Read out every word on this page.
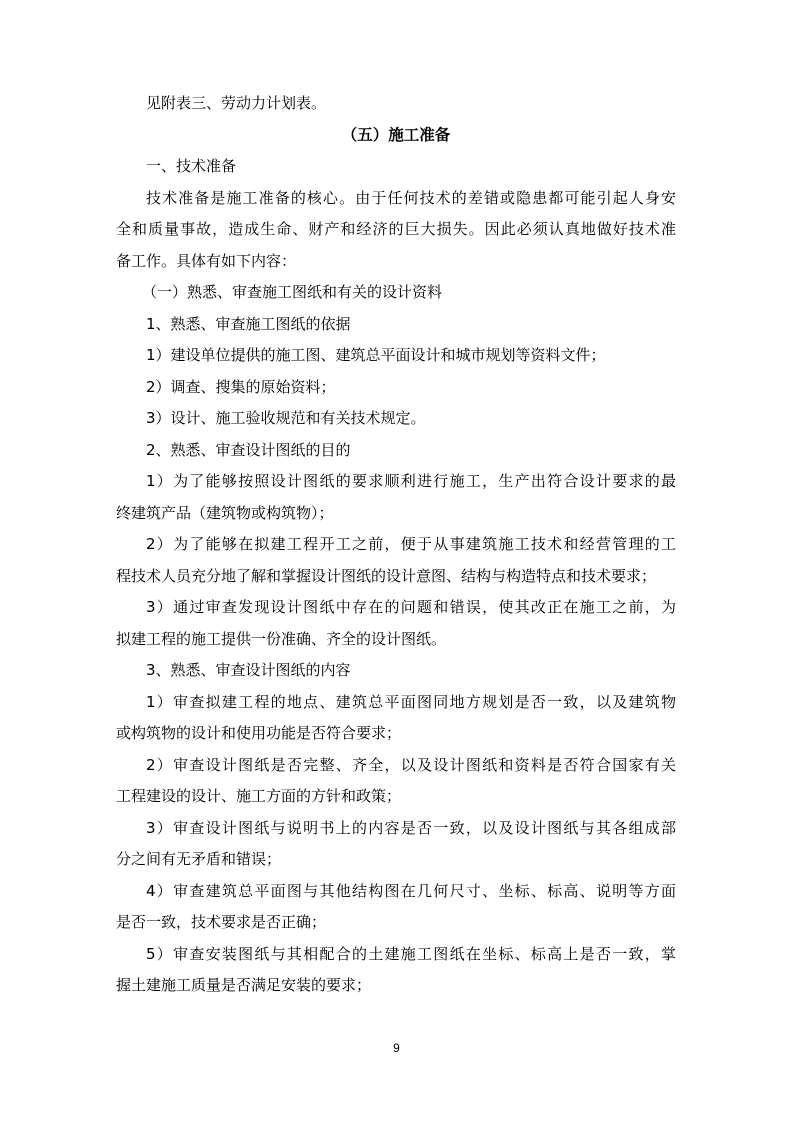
见附表三、劳动力计划表。
（五）施工准备
一、技术准备
技术准备是施工准备的核心。由于任何技术的差错或隐患都可能引起人身安
全和质量事故，造成生命、财产和经济的巨大损失。因此必须认真地做好技术准
备工作。具体有如下内容：
（一）熟悉、审查施工图纸和有关的设计资料
1、熟悉、审查施工图纸的依据
1）建设单位提供的施工图、建筑总平面设计和城市规划等资料文件；
2）调查、搜集的原始资料；
3）设计、施工验收规范和有关技术规定。
2、熟悉、审查设计图纸的目的
1）为了能够按照设计图纸的要求顺利进行施工，生产出符合设计要求的最
终建筑产品（建筑物或构筑物）；
2）为了能够在拟建工程开工之前，便于从事建筑施工技术和经营管理的工
程技术人员充分地了解和掌握设计图纸的设计意图、结构与构造特点和技术要求；
3）通过审查发现设计图纸中存在的问题和错误，使其改正在施工之前，为
拟建工程的施工提供一份准确、齐全的设计图纸。
3、熟悉、审查设计图纸的内容
1）审查拟建工程的地点、建筑总平面图同地方规划是否一致，以及建筑物
或构筑物的设计和使用功能是否符合要求；
2）审查设计图纸是否完整、齐全，以及设计图纸和资料是否符合国家有关
工程建设的设计、施工方面的方针和政策；
3）审查设计图纸与说明书上的内容是否一致，以及设计图纸与其各组成部
分之间有无矛盾和错误；
4）审查建筑总平面图与其他结构图在几何尺寸、坐标、标高、说明等方面
是否一致，技术要求是否正确；
5）审查安装图纸与其相配合的土建施工图纸在坐标、标高上是否一致，掌
握土建施工质量是否满足安装的要求；
9
